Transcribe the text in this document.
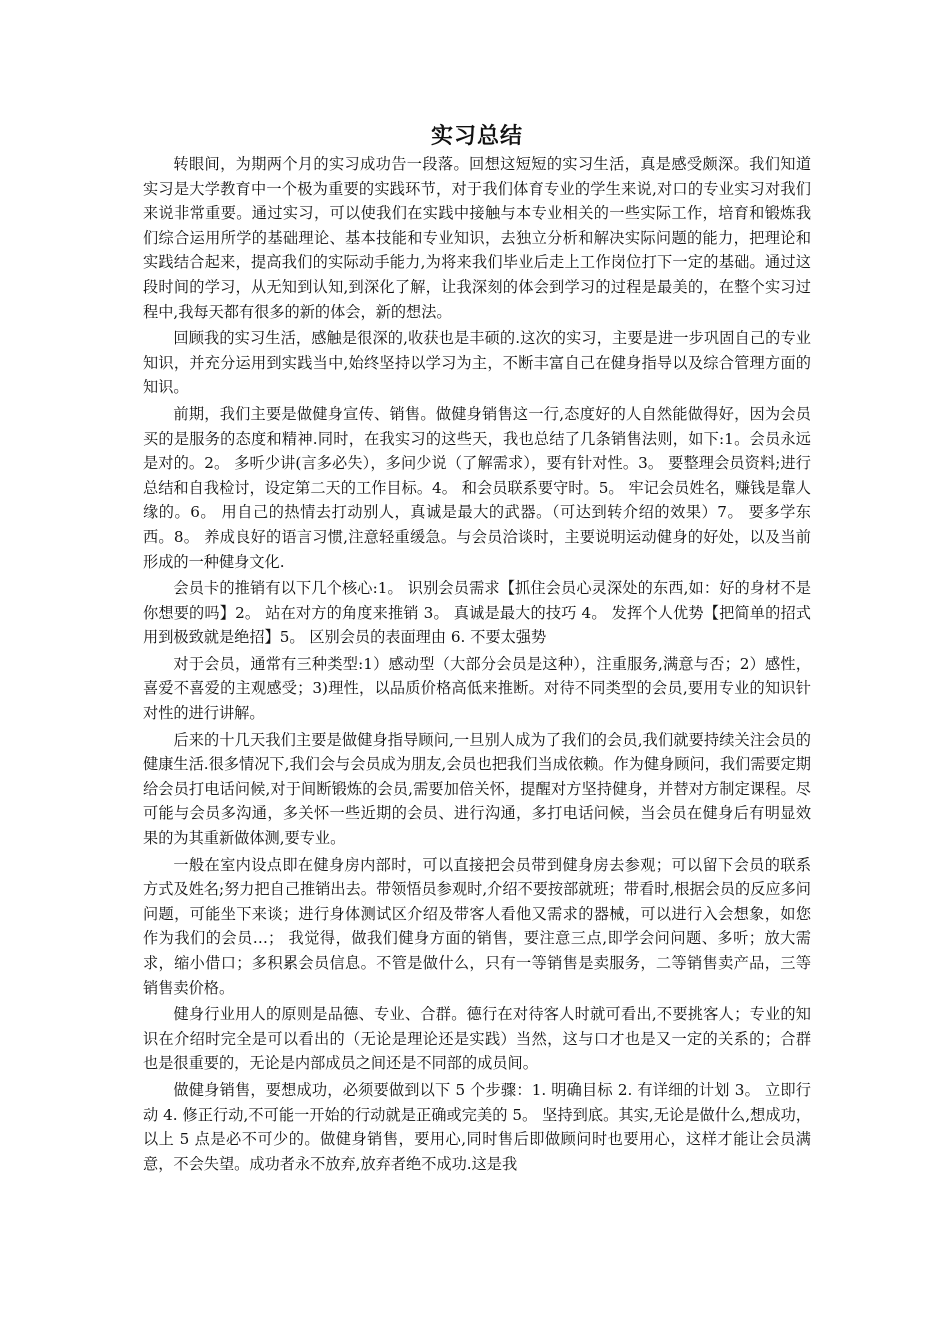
实习总结

转眼间，为期两个月的实习成功告一段落。回想这短短的实习生活，真是感受颇深。我们知道实习是大学教育中一个极为重要的实践环节，对于我们体育专业的学生来说,对口的专业实习对我们来说非常重要。通过实习，可以使我们在实践中接触与本专业相关的一些实际工作，培育和锻炼我们综合运用所学的基础理论、基本技能和专业知识，去独立分析和解决实际问题的能力，把理论和实践结合起来，提高我们的实际动手能力,为将来我们毕业后走上工作岗位打下一定的基础。通过这段时间的学习，从无知到认知,到深化了解，让我深刻的体会到学习的过程是最美的，在整个实习过程中,我每天都有很多的新的体会，新的想法。

回顾我的实习生活，感触是很深的,收获也是丰硕的.这次的实习，主要是进一步巩固自己的专业知识，并充分运用到实践当中,始终坚持以学习为主，不断丰富自己在健身指导以及综合管理方面的知识。

前期，我们主要是做健身宣传、销售。做健身销售这一行,态度好的人自然能做得好，因为会员买的是服务的态度和精神.同时，在我实习的这些天，我也总结了几条销售法则，如下:1。会员永远是对的。2。 多听少讲(言多必失），多问少说（了解需求），要有针对性。3。 要整理会员资料;进行总结和自我检讨，设定第二天的工作目标。4。 和会员联系要守时。5。 牢记会员姓名，赚钱是靠人缘的。6。 用自己的热情去打动别人，真诚是最大的武器。（可达到转介绍的效果）7。 要多学东西。8。 养成良好的语言习惯,注意轻重缓急。与会员洽谈时，主要说明运动健身的好处，以及当前形成的一种健身文化.

会员卡的推销有以下几个核心:1。 识别会员需求【抓住会员心灵深处的东西,如：好的身材不是你想要的吗】2。 站在对方的角度来推销 3。 真诚是最大的技巧 4。 发挥个人优势【把简单的招式用到极致就是绝招】5。 区别会员的表面理由 6. 不要太强势

对于会员，通常有三种类型:1）感动型（大部分会员是这种），注重服务,满意与否；2）感性，喜爱不喜爱的主观感受；3)理性，以品质价格高低来推断。对待不同类型的会员,要用专业的知识针对性的进行讲解。

后来的十几天我们主要是做健身指导顾问,一旦别人成为了我们的会员,我们就要持续关注会员的健康生活.很多情况下,我们会与会员成为朋友,会员也把我们当成依赖。作为健身顾问，我们需要定期给会员打电话问候,对于间断锻炼的会员,需要加倍关怀，提醒对方坚持健身，并替对方制定课程。尽可能与会员多沟通，多关怀一些近期的会员、进行沟通，多打电话问候，当会员在健身后有明显效果的为其重新做体测,要专业。

一般在室内设点即在健身房内部时，可以直接把会员带到健身房去参观；可以留下会员的联系方式及姓名;努力把自己推销出去。带领悟员参观时,介绍不要按部就班；带看时,根据会员的反应多问问题，可能坐下来谈；进行身体测试区介绍及带客人看他又需求的器械，可以进行入会想象，如您作为我们的会员…； 我觉得，做我们健身方面的销售，要注意三点,即学会问问题、多听；放大需求，缩小借口；多积累会员信息。不管是做什么，只有一等销售是卖服务，二等销售卖产品，三等销售卖价格。

健身行业用人的原则是品德、专业、合群。德行在对待客人时就可看出,不要挑客人；专业的知识在介绍时完全是可以看出的（无论是理论还是实践）当然，这与口才也是又一定的关系的；合群也是很重要的，无论是内部成员之间还是不同部的成员间。

做健身销售，要想成功，必须要做到以下 5 个步骤：1. 明确目标 2. 有详细的计划 3。 立即行动 4. 修正行动,不可能一开始的行动就是正确或完美的 5。 坚持到底。其实,无论是做什么,想成功，以上 5 点是必不可少的。做健身销售，要用心,同时售后即做顾问时也要用心，这样才能让会员满意，不会失望。成功者永不放弃,放弃者绝不成功.这是我
